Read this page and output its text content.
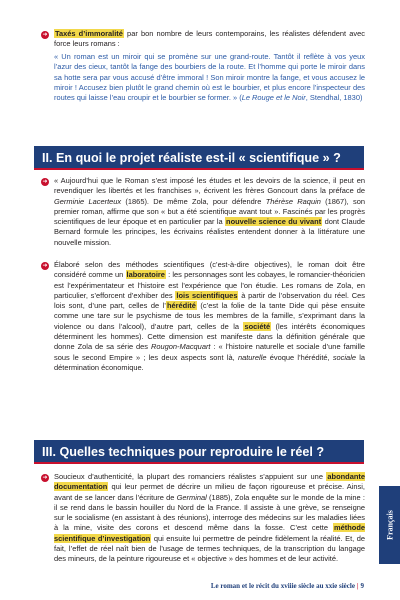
➜ Taxés d’immoralité par bon nombre de leurs contemporains, les réalistes défendent avec force leurs romans :
« Un roman est un miroir qui se promène sur une grand-route. Tantôt il reflète à vos yeux l’azur des cieux, tantôt la fange des bourbiers de la route. Et l’homme qui porte le miroir dans sa hotte sera par vous accusé d’être immoral ! Son miroir montre la fange, et vous accusez le miroir ! Accusez bien plutôt le grand chemin où est le bourbier, et plus encore l’inspecteur des routes qui laisse l’eau croupir et le bourbier se former. » (Le Rouge et le Noir, Stendhal, 1830)
II. En quoi le projet réaliste est-il « scientifique » ?
➜ « Aujourd’hui que le Roman s’est imposé les études et les devoirs de la science, il peut en revendiquer les libertés et les franchises », écrivent les frères Goncourt dans la préface de Germinie Lacerteux (1865). De même Zola, pour défendre Thérèse Raquin (1867), son premier roman, affirme que son « but a été scientifique avant tout ». Fascinés par les progrès scientifiques de leur époque et en particulier par la nouvelle science du vivant dont Claude Bernard formule les principes, les écrivains réalistes entendent donner à la littérature une nouvelle mission.
➜ Élaboré selon des méthodes scientifiques (c’est-à-dire objectives), le roman doit être considéré comme un laboratoire : les personnages sont les cobayes, le romancier-théoricien est l’expérimentateur et l’histoire est l’expérience que l’on étudie. Les romans de Zola, en particulier, s’efforcent d’exhiber des lois scientifiques à partir de l’observation du réel. Ces lois sont, d’une part, celles de l’hérédité (c’est la folie de la tante Dide qui pèse ensuite comme une tare sur le psychisme de tous les membres de la famille, s’exprimant dans la violence ou dans l’alcool), d’autre part, celles de la société (les intérêts économiques déterminent les hommes). Cette dimension est manifeste dans la définition générale que donne Zola de sa série des Rougon-Macquart : « l’histoire naturelle et sociale d’une famille sous le second Empire » ; les deux aspects sont là, naturelle évoque l’hérédité, sociale la détermination économique.
III. Quelles techniques pour reproduire le réel ?
➜ Soucieux d’authenticité, la plupart des romanciers réalistes s’appuient sur une abondante documentation qui leur permet de décrire un milieu de façon rigoureuse et précise. Ainsi, avant de se lancer dans l’écriture de Germinal (1885), Zola enquête sur le monde de la mine : il se rend dans le bassin houiller du Nord de la France. Il assiste à une grève, se renseigne sur le socialisme (en assistant à des réunions), interroge des médecins sur les maladies liées à la mine, visite des corons et descend même dans la fosse. C’est cette méthode scientifique d’investigation qui ensuite lui permettre de peindre fidèlement la réalité. Et, de fait, l’effet de réel naît bien de l’usage de termes techniques, de la transcription du langage des mineurs, de la peinture rigoureuse et « objective » des hommes et de leur activité.
Français
Le roman et le récit du xviiie siècle au xxie siècle | 9
